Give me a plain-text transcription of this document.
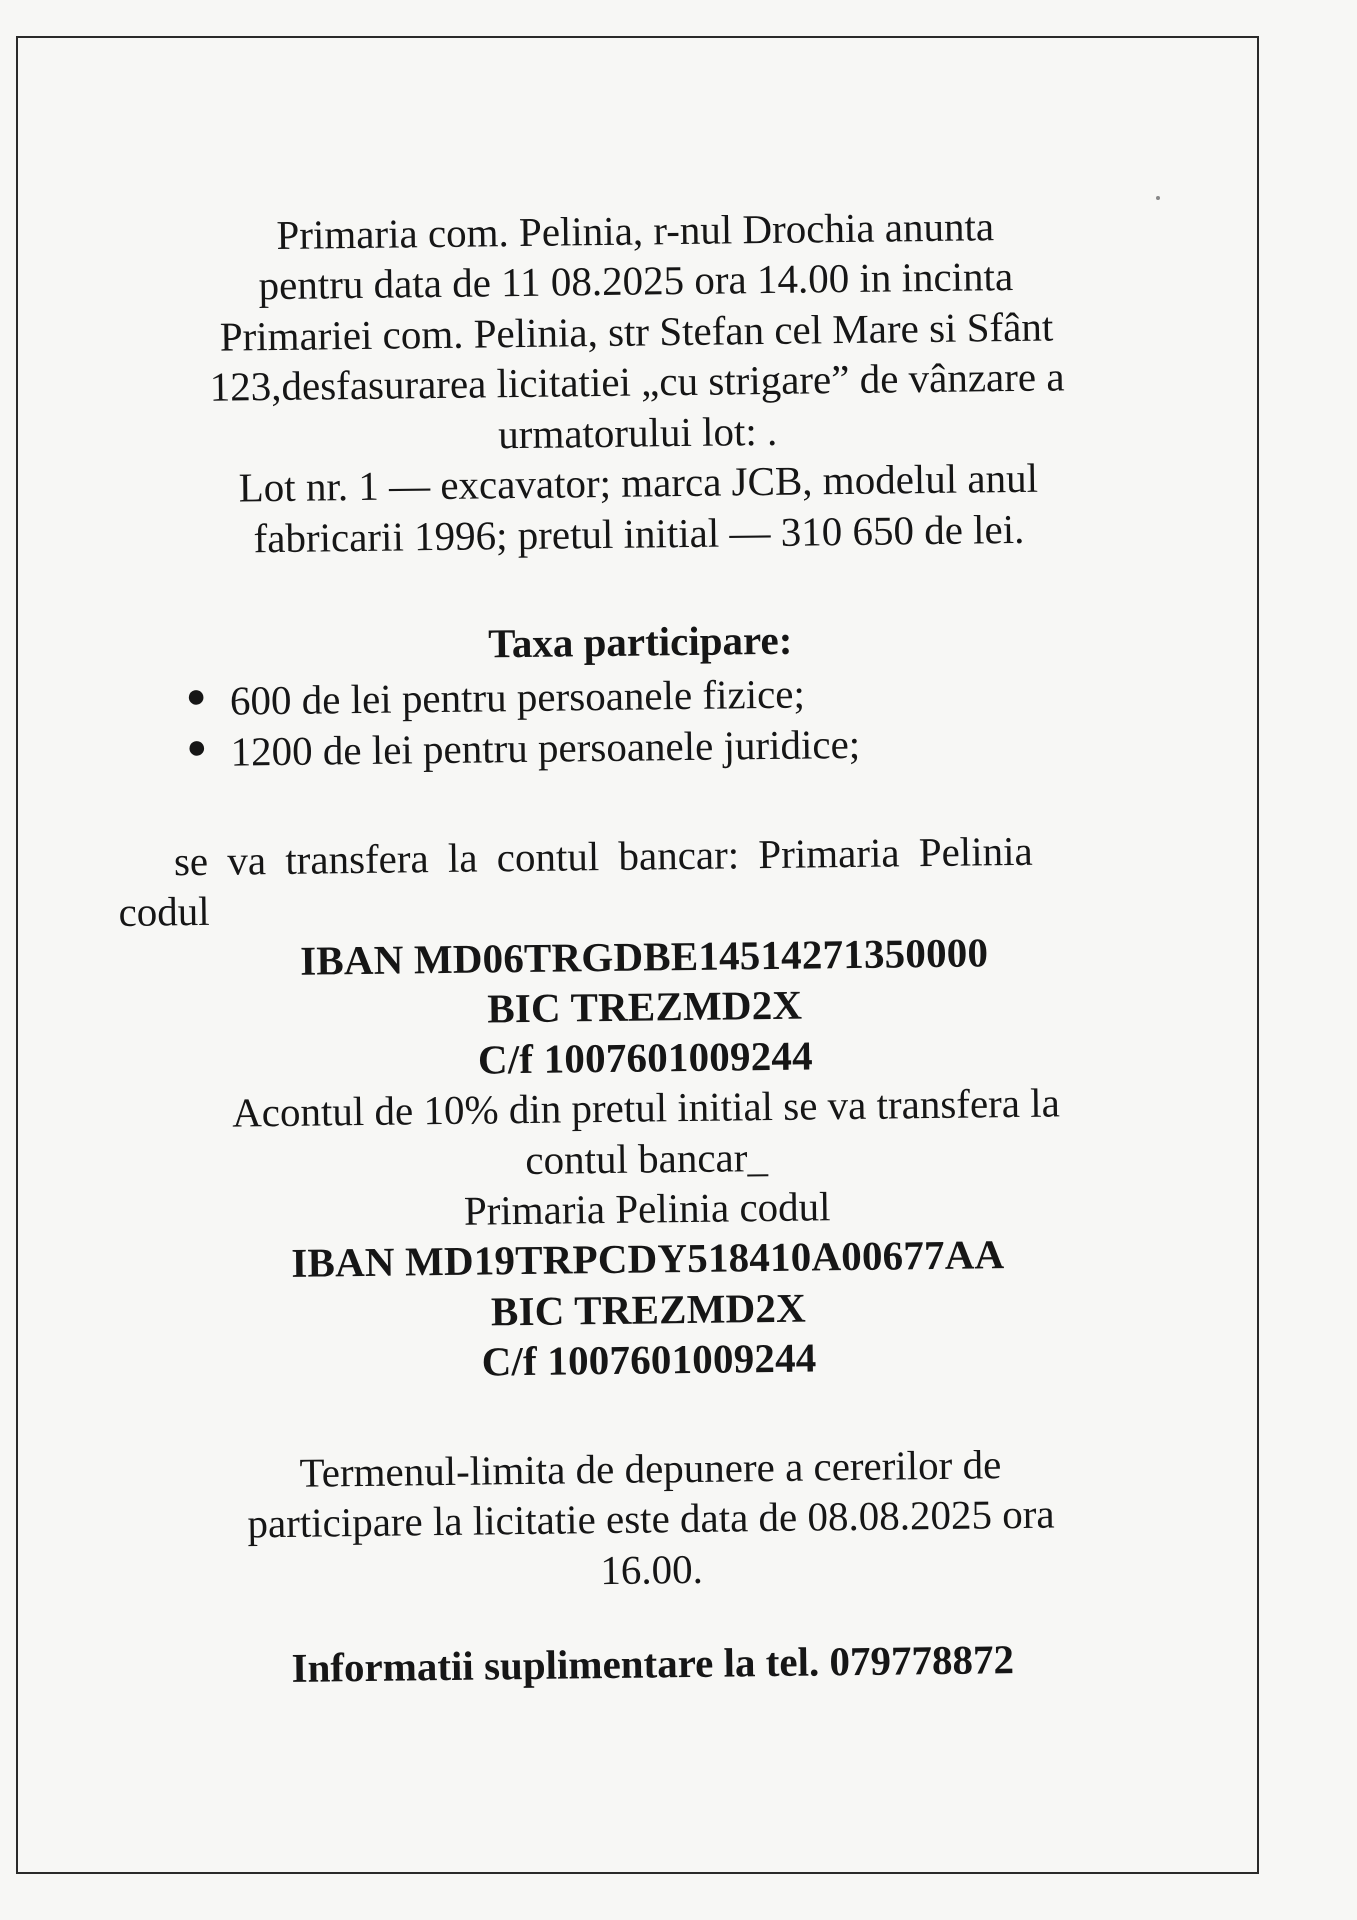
Primaria com. Pelinia, r-nul Drochia anunta
pentru data de 11 08.2025 ora 14.00 in incinta
Primariei com. Pelinia, str Stefan cel Mare si Sfânt
123,desfasurarea licitatiei „cu strigare” de vânzare a
urmatorului lot: .
Lot nr. 1 — excavator; marca JCB, modelul anul
fabricarii 1996; pretul initial — 310 650 de lei.

Taxa participare:

● 600 de lei pentru persoanele fizice;
● 1200 de lei pentru persoanele juridice;

se va transfera la contul bancar: Primaria Pelinia
codul

IBAN MD06TRGDBE14514271350000
BIC TREZMD2X
C/f 1007601009244

Acontul de 10% din pretul initial se va transfera la
contul bancar_
Primaria Pelinia codul

IBAN MD19TRPCDY518410A00677AA
BIC TREZMD2X
C/f 1007601009244

Termenul-limita de depunere a cererilor de
participare la licitatie este data de 08.08.2025 ora
16.00.

Informatii suplimentare la tel. 079778872
